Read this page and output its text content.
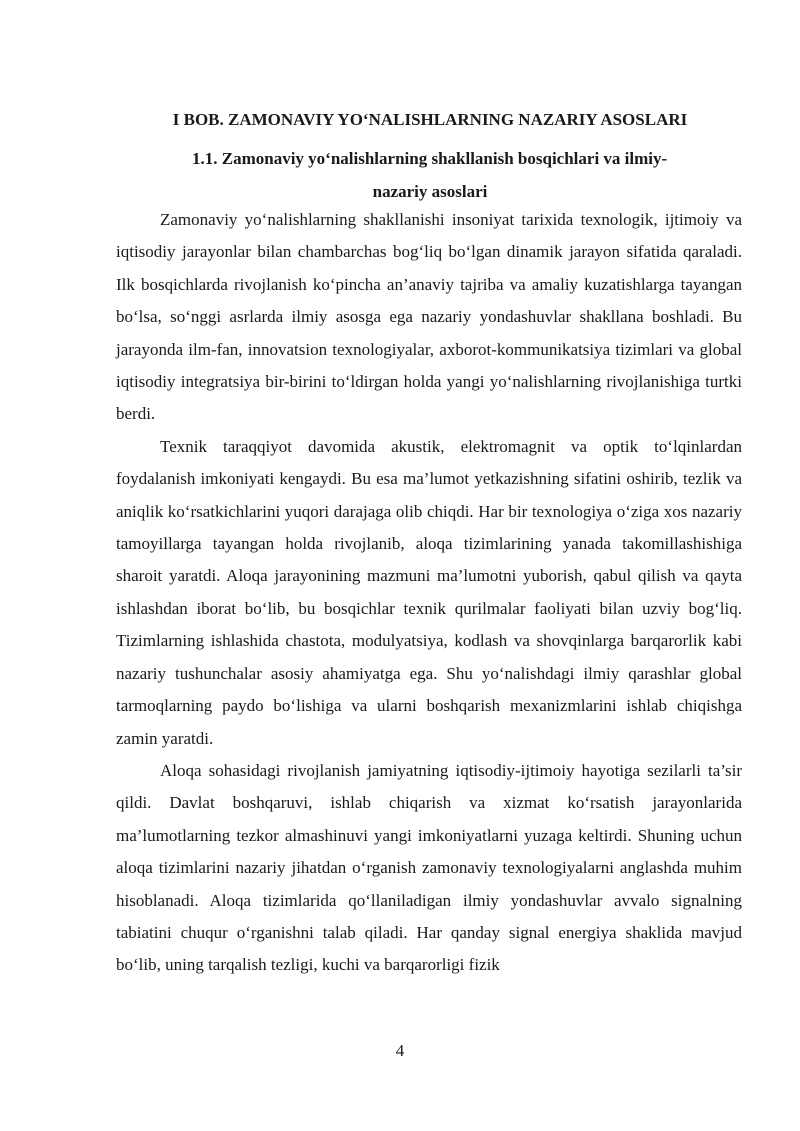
I BOB. ZAMONAVIY YO‘NALISHLARNING NAZARIY ASOSLARI
1.1. Zamonaviy yo‘nalishlarning shakllanish bosqichlari va ilmiy-
nazariy asoslari

Zamonaviy yo‘nalishlarning shakllanishi insoniyat tarixida texnologik, ijtimoiy va iqtisodiy jarayonlar bilan chambarchas bog‘liq bo‘lgan dinamik jarayon sifatida qaraladi. Ilk bosqichlarda rivojlanish ko‘pincha an’anaviy tajriba va amaliy kuzatishlarga tayangan bo‘lsa, so‘nggi asrlarda ilmiy asosga ega nazariy yondashuvlar shakllana boshladi. Bu jarayonda ilm-fan, innovatsion texnologiyalar, axborot-kommunikatsiya tizimlari va global iqtisodiy integratsiya bir-birini to‘ldirgan holda yangi yo‘nalishlarning rivojlanishiga turtki berdi.

Texnik taraqqiyot davomida akustik, elektromagnit va optik to‘lqinlardan foydalanish imkoniyati kengaydi. Bu esa ma’lumot yetkazishning sifatini oshirib, tezlik va aniqlik ko‘rsatkichlarini yuqori darajaga olib chiqdi. Har bir texnologiya o‘ziga xos nazariy tamoyillarga tayangan holda rivojlanib, aloqa tizimlarining yanada takomillashishiga sharoit yaratdi. Aloqa jarayonining mazmuni ma’lumotni yuborish, qabul qilish va qayta ishlashdan iborat bo‘lib, bu bosqichlar texnik qurilmalar faoliyati bilan uzviy bog‘liq. Tizimlarning ishlashida chastota, modulyatsiya, kodlash va shovqinlarga barqarorlik kabi nazariy tushunchalar asosiy ahamiyatga ega. Shu yo‘nalishdagi ilmiy qarashlar global tarmoqlarning paydo bo‘lishiga va ularni boshqarish mexanizmlarini ishlab chiqishga zamin yaratdi.

Aloqa sohasidagi rivojlanish jamiyatning iqtisodiy-ijtimoiy hayotiga sezilarli ta’sir qildi. Davlat boshqaruvi, ishlab chiqarish va xizmat ko‘rsatish jarayonlarida ma’lumotlarning tezkor almashinuvi yangi imkoniyatlarni yuzaga keltirdi. Shuning uchun aloqa tizimlarini nazariy jihatdan o‘rganish zamonaviy texnologiyalarni anglashda muhim hisoblanadi. Aloqa tizimlarida qo‘llaniladigan ilmiy yondashuvlar avvalo signalning tabiatini chuqur o‘rganishni talab qiladi. Har qanday signal energiya shaklida mavjud bo‘lib, uning tarqalish tezligi, kuchi va barqarorligi fizik

4
